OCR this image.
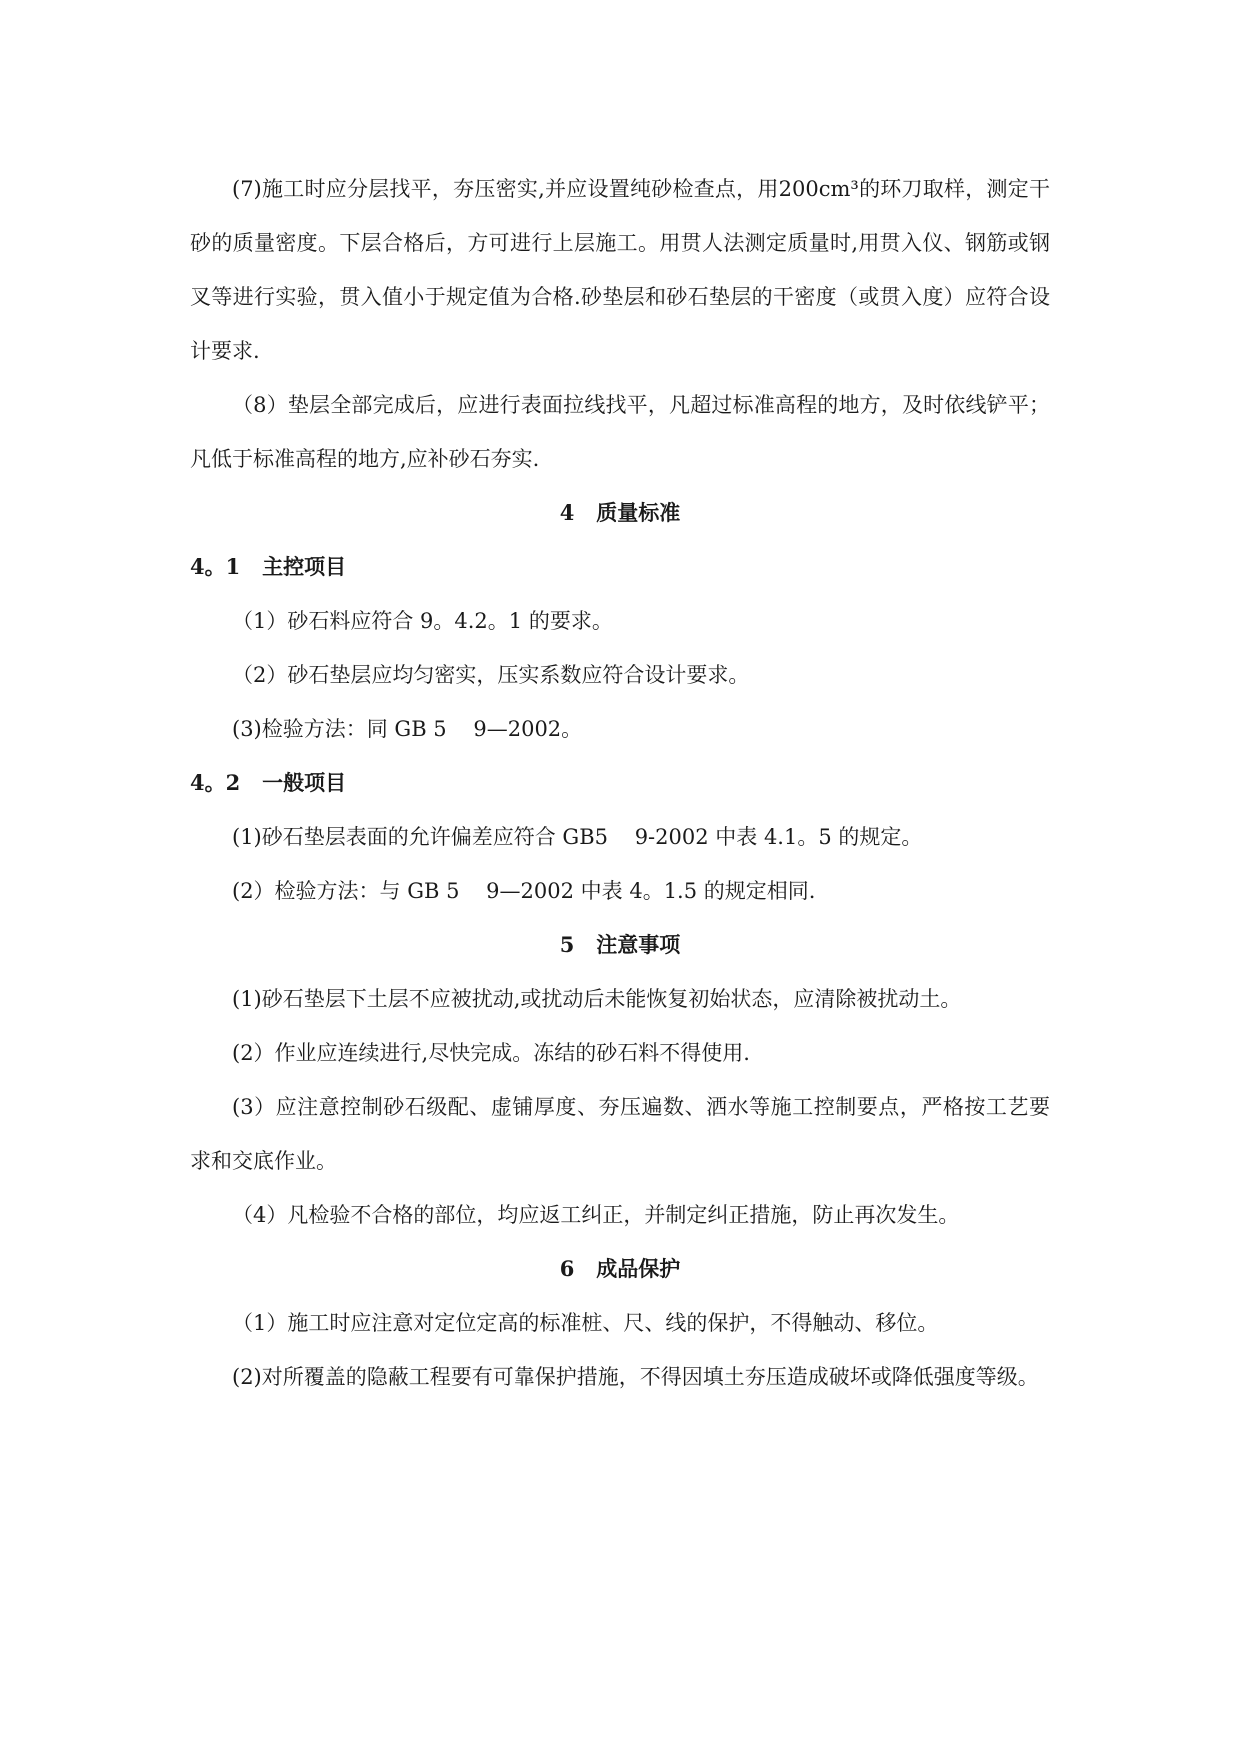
(7)施工时应分层找平，夯压密实,并应设置纯砂检查点，用200cm³的环刀取样，测定干砂的质量密度。下层合格后，方可进行上层施工。用贯人法测定质量时,用贯入仪、钢筋或钢叉等进行实验，贯入值小于规定值为合格.砂垫层和砂石垫层的干密度（或贯入度）应符合设计要求.

（8）垫层全部完成后，应进行表面拉线找平，凡超过标准高程的地方，及时依线铲平；凡低于标准高程的地方,应补砂石夯实.

4   质量标准
4。1   主控项目

（1）砂石料应符合 9。4.2。1 的要求。

（2）砂石垫层应均匀密实，压实系数应符合设计要求。

(3)检验方法：同 GB 5    9—2002。

4。2   一般项目

(1)砂石垫层表面的允许偏差应符合 GB5    9-2002 中表 4.1。5 的规定。

(2）检验方法：与 GB 5    9—2002 中表 4。1.5 的规定相同.

5   注意事项

(1)砂石垫层下土层不应被扰动,或扰动后未能恢复初始状态，应清除被扰动土。

(2）作业应连续进行,尽快完成。冻结的砂石料不得使用.

(3）应注意控制砂石级配、虚铺厚度、夯压遍数、洒水等施工控制要点，严格按工艺要求和交底作业。

（4）凡检验不合格的部位，均应返工纠正，并制定纠正措施，防止再次发生。

6   成品保护

（1）施工时应注意对定位定高的标准桩、尺、线的保护，不得触动、移位。

(2)对所覆盖的隐蔽工程要有可靠保护措施，不得因填土夯压造成破坏或降低强度等级。
